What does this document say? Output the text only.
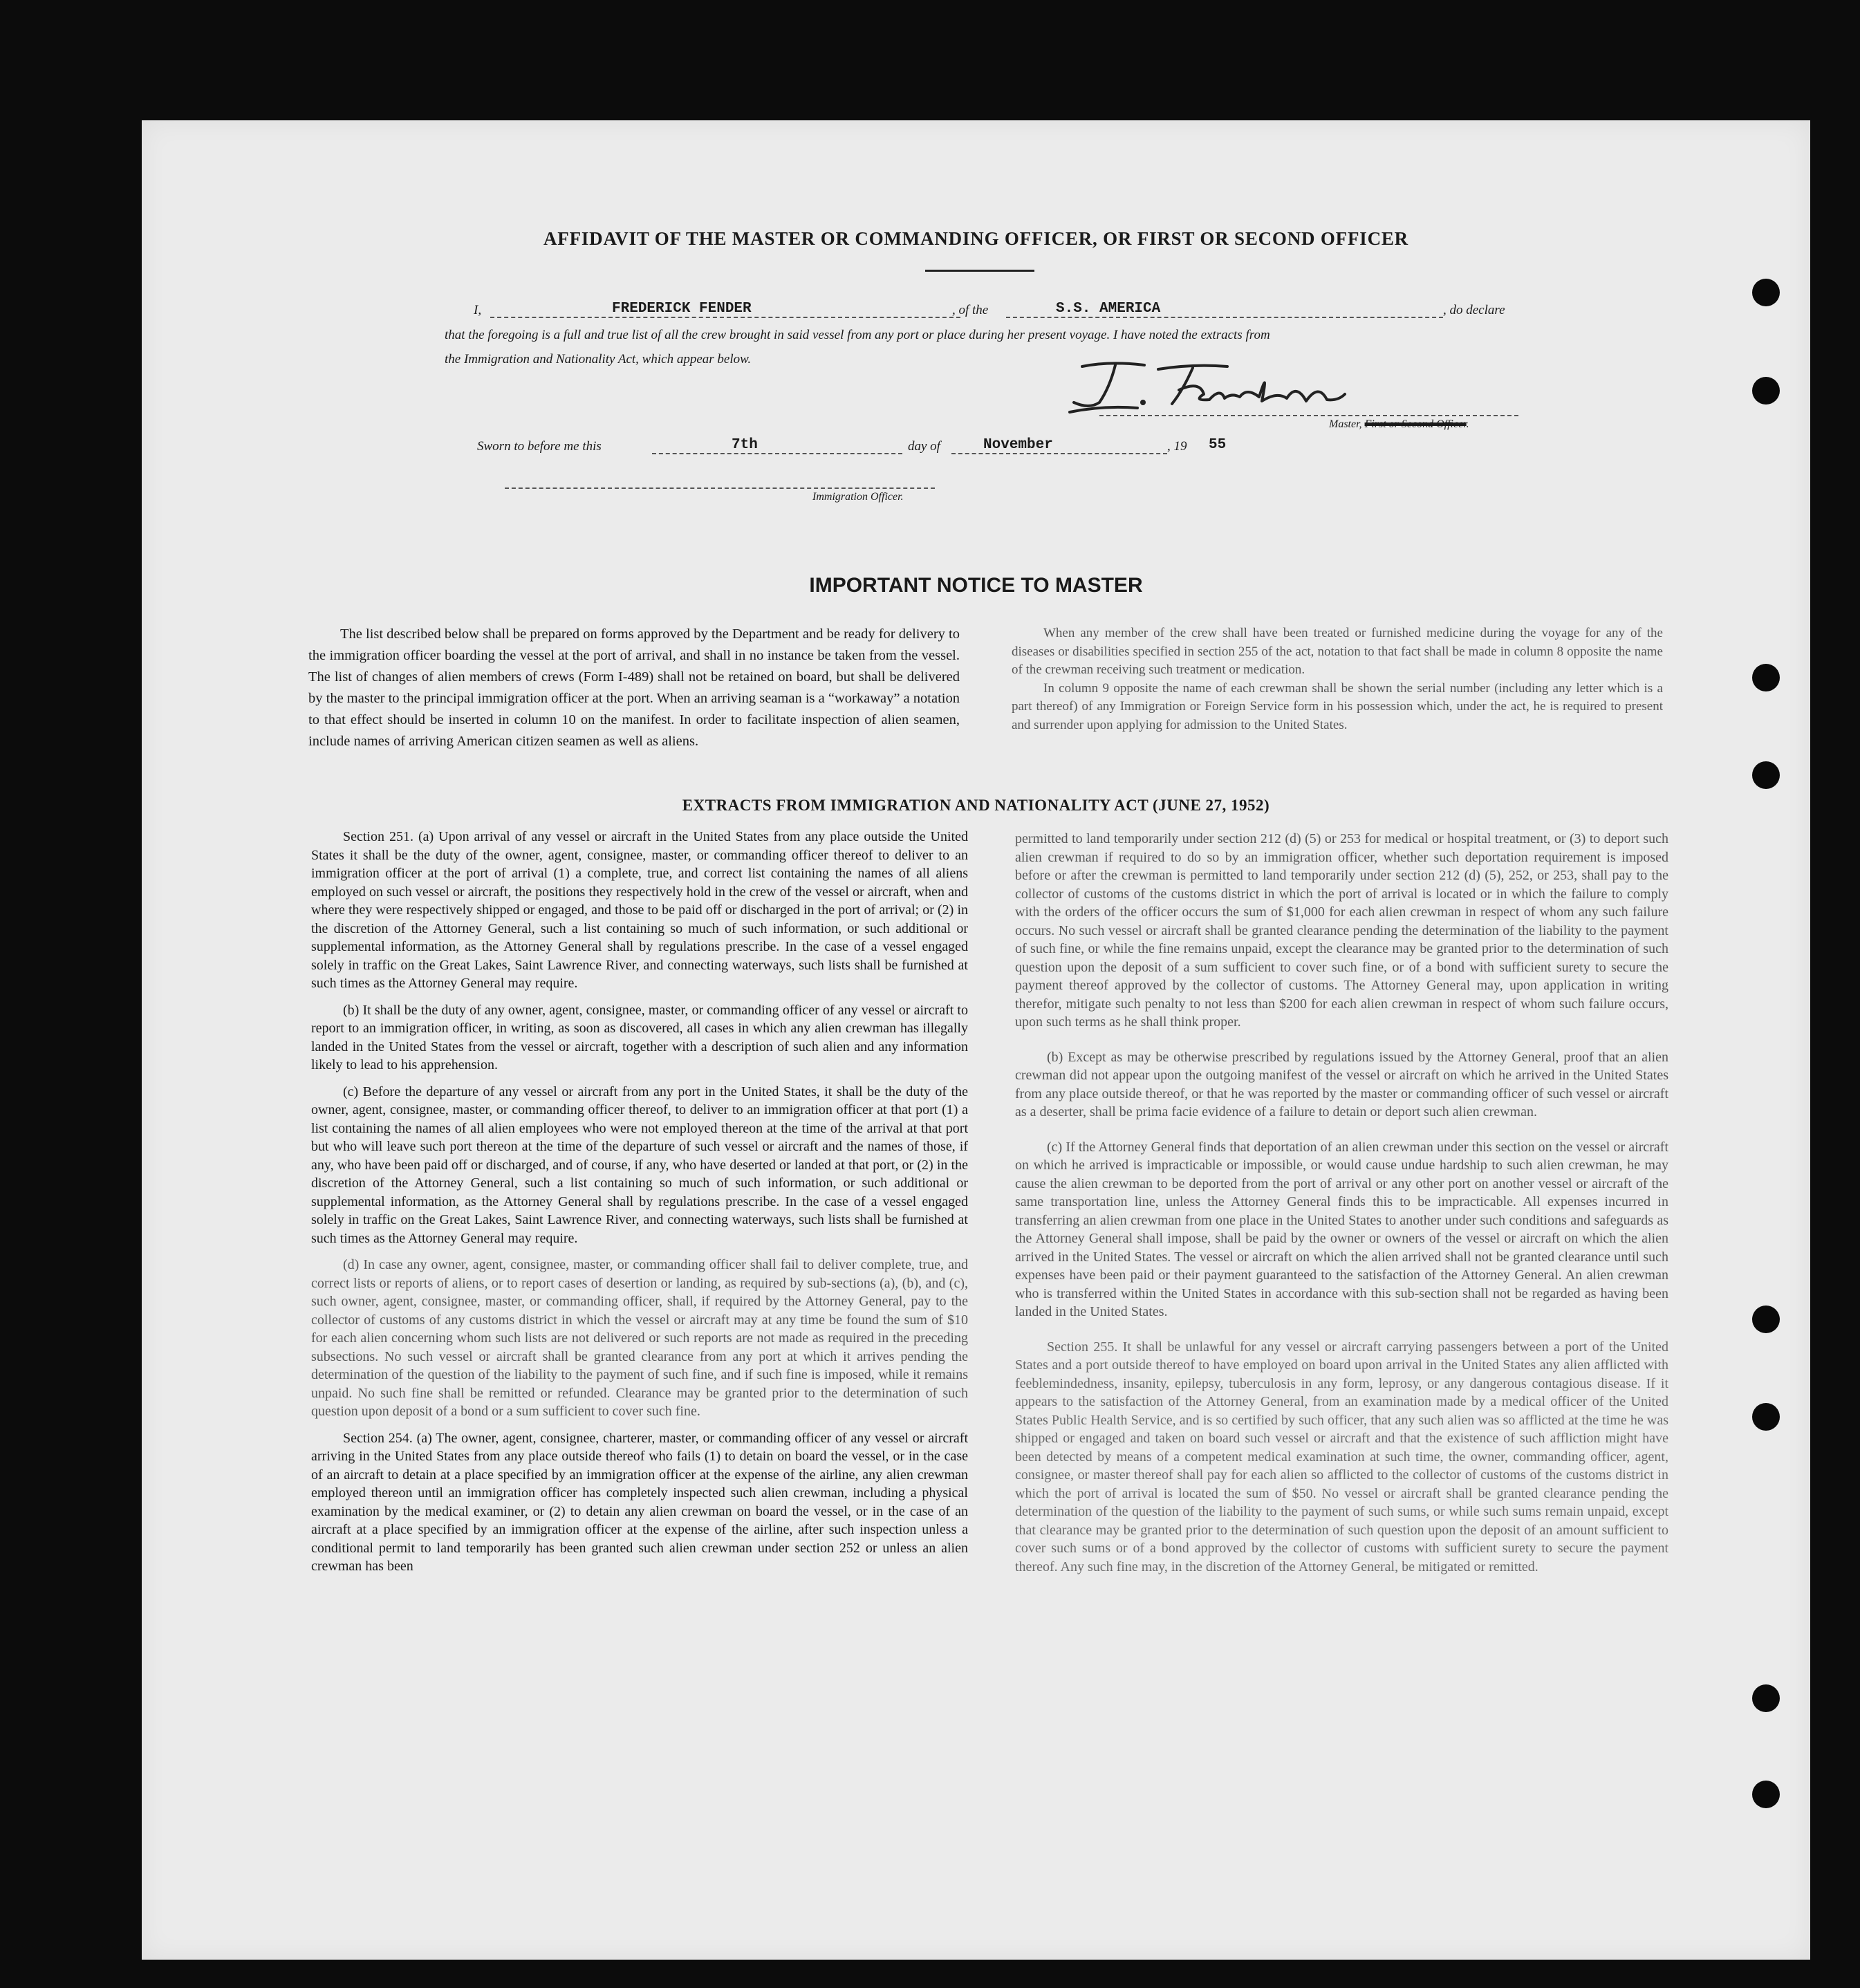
AFFIDAVIT OF THE MASTER OR COMMANDING OFFICER, OR FIRST OR SECOND OFFICER
I,	FREDERICK FENDER	, of the	S.S. AMERICA	, do declare
that the foregoing is a full and true list of all the crew brought in said vessel from any port or place during her present voyage. I have noted the extracts from
the Immigration and Nationality Act, which appear below.
Master, First or Second Officer.
Sworn to before me this	7th	day of	November	, 19 55
Immigration Officer.
IMPORTANT NOTICE TO MASTER

The list described below shall be prepared on forms approved by the Department and be ready for delivery to the immigration officer boarding the vessel at the port of arrival, and shall in no instance be taken from the vessel. The list of changes of alien members of crews (Form I-489) shall not be retained on board, but shall be delivered by the master to the principal immigration officer at the port. When an arriving seaman is a “workaway” a notation to that effect should be inserted in column 10 on the manifest. In order to facilitate inspection of alien seamen, include names of arriving American citizen seamen as well as aliens.

When any member of the crew shall have been treated or furnished medicine during the voyage for any of the diseases or disabilities specified in section 255 of the act, notation to that fact shall be made in column 8 opposite the name of the crewman receiving such treatment or medication.

In column 9 opposite the name of each crewman shall be shown the serial number (including any letter which is a part thereof) of any Immigration or Foreign Service form in his possession which, under the act, he is required to present and surrender upon applying for admission to the United States.

EXTRACTS FROM IMMIGRATION AND NATIONALITY ACT (JUNE 27, 1952)

Section 251. (a) Upon arrival of any vessel or aircraft in the United States from any place outside the United States it shall be the duty of the owner, agent, consignee, master, or commanding officer thereof to deliver to an immigration officer at the port of arrival (1) a complete, true, and correct list containing the names of all aliens employed on such vessel or aircraft, the positions they respectively hold in the crew of the vessel or aircraft, when and where they were respectively shipped or engaged, and those to be paid off or discharged in the port of arrival; or (2) in the discretion of the Attorney General, such a list containing so much of such information, or such additional or supplemental information, as the Attorney General shall by regulations prescribe. In the case of a vessel engaged solely in traffic on the Great Lakes, Saint Lawrence River, and connecting waterways, such lists shall be furnished at such times as the Attorney General may require.

(b) It shall be the duty of any owner, agent, consignee, master, or commanding officer of any vessel or aircraft to report to an immigration officer, in writing, as soon as discovered, all cases in which any alien crewman has illegally landed in the United States from the vessel or aircraft, together with a description of such alien and any information likely to lead to his apprehension.

(c) Before the departure of any vessel or aircraft from any port in the United States, it shall be the duty of the owner, agent, consignee, master, or commanding officer thereof, to deliver to an immigration officer at that port (1) a list containing the names of all alien employees who were not employed thereon at the time of the arrival at that port but who will leave such port thereon at the time of the departure of such vessel or aircraft and the names of those, if any, who have been paid off or discharged, and of course, if any, who have deserted or landed at that port, or (2) in the discretion of the Attorney General, such a list containing so much of such information, or such additional or supplemental information, as the Attorney General shall by regulations prescribe. In the case of a vessel engaged solely in traffic on the Great Lakes, Saint Lawrence River, and connecting waterways, such lists shall be furnished at such times as the Attorney General may require.

(d) In case any owner, agent, consignee, master, or commanding officer shall fail to deliver complete, true, and correct lists or reports of aliens, or to report cases of desertion or landing, as required by sub-sections (a), (b), and (c), such owner, agent, consignee, master, or commanding officer, shall, if required by the Attorney General, pay to the collector of customs of any customs district in which the vessel or aircraft may at any time be found the sum of $10 for each alien concerning whom such lists are not delivered or such reports are not made as required in the preceding subsections. No such vessel or aircraft shall be granted clearance from any port at which it arrives pending the determination of the question of the liability to the payment of such fine, and if such fine is imposed, while it remains unpaid. No such fine shall be remitted or refunded. Clearance may be granted prior to the determination of such question upon deposit of a bond or a sum sufficient to cover such fine.

Section 254. (a) The owner, agent, consignee, charterer, master, or commanding officer of any vessel or aircraft arriving in the United States from any place outside thereof who fails (1) to detain on board the vessel, or in the case of an aircraft to detain at a place specified by an immigration officer at the expense of the airline, any alien crewman employed thereon until an immigration officer has completely inspected such alien crewman, including a physical examination by the medical examiner, or (2) to detain any alien crewman on board the vessel, or in the case of an aircraft at a place specified by an immigration officer at the expense of the airline, after such inspection unless a conditional permit to land temporarily has been granted such alien crewman under section 252 or unless an alien crewman has been

permitted to land temporarily under section 212 (d) (5) or 253 for medical or hospital treatment, or (3) to deport such alien crewman if required to do so by an immigration officer, whether such deportation requirement is imposed before or after the crewman is permitted to land temporarily under section 212 (d) (5), 252, or 253, shall pay to the collector of customs of the customs district in which the port of arrival is located or in which the failure to comply with the orders of the officer occurs the sum of $1,000 for each alien crewman in respect of whom any such failure occurs. No such vessel or aircraft shall be granted clearance pending the determination of the liability to the payment of such fine, or while the fine remains unpaid, except the clearance may be granted prior to the determination of such question upon the deposit of a sum sufficient to cover such fine, or of a bond with sufficient surety to secure the payment thereof approved by the collector of customs. The Attorney General may, upon application in writing therefor, mitigate such penalty to not less than $200 for each alien crewman in respect of whom such failure occurs, upon such terms as he shall think proper.

(b) Except as may be otherwise prescribed by regulations issued by the Attorney General, proof that an alien crewman did not appear upon the outgoing manifest of the vessel or aircraft on which he arrived in the United States from any place outside thereof, or that he was reported by the master or commanding officer of such vessel or aircraft as a deserter, shall be prima facie evidence of a failure to detain or deport such alien crewman.

(c) If the Attorney General finds that deportation of an alien crewman under this section on the vessel or aircraft on which he arrived is impracticable or impossible, or would cause undue hardship to such alien crewman, he may cause the alien crewman to be deported from the port of arrival or any other port on another vessel or aircraft of the same transportation line, unless the Attorney General finds this to be impracticable. All expenses incurred in transferring an alien crewman from one place in the United States to another under such conditions and safeguards as the Attorney General shall impose, shall be paid by the owner or owners of the vessel or aircraft on which the alien arrived in the United States. The vessel or aircraft on which the alien arrived shall not be granted clearance until such expenses have been paid or their payment guaranteed to the satisfaction of the Attorney General. An alien crewman who is transferred within the United States in accordance with this sub-section shall not be regarded as having been landed in the United States.

Section 255. It shall be unlawful for any vessel or aircraft carrying passengers between a port of the United States and a port outside thereof to have employed on board upon arrival in the United States any alien afflicted with feeblemindedness, insanity, epilepsy, tuberculosis in any form, leprosy, or any dangerous contagious disease. If it appears to the satisfaction of the Attorney General, from an examination made by a medical officer of the United States Public Health Service, and is so certified by such officer, that any such alien was so afflicted at the time he was shipped or engaged and taken on board such vessel or aircraft and that the existence of such affliction might have been detected by means of a competent medical examination at such time, the owner, commanding officer, agent, consignee, or master thereof shall pay for each alien so afflicted to the collector of customs of the customs district in which the port of arrival is located the sum of $50. No vessel or aircraft shall be granted clearance pending the determination of the question of the liability to the payment of such sums, or while such sums remain unpaid, except that clearance may be granted prior to the determination of such question upon the deposit of an amount sufficient to cover such sums or of a bond approved by the collector of customs with sufficient surety to secure the payment thereof. Any such fine may, in the discretion of the Attorney General, be mitigated or remitted.
